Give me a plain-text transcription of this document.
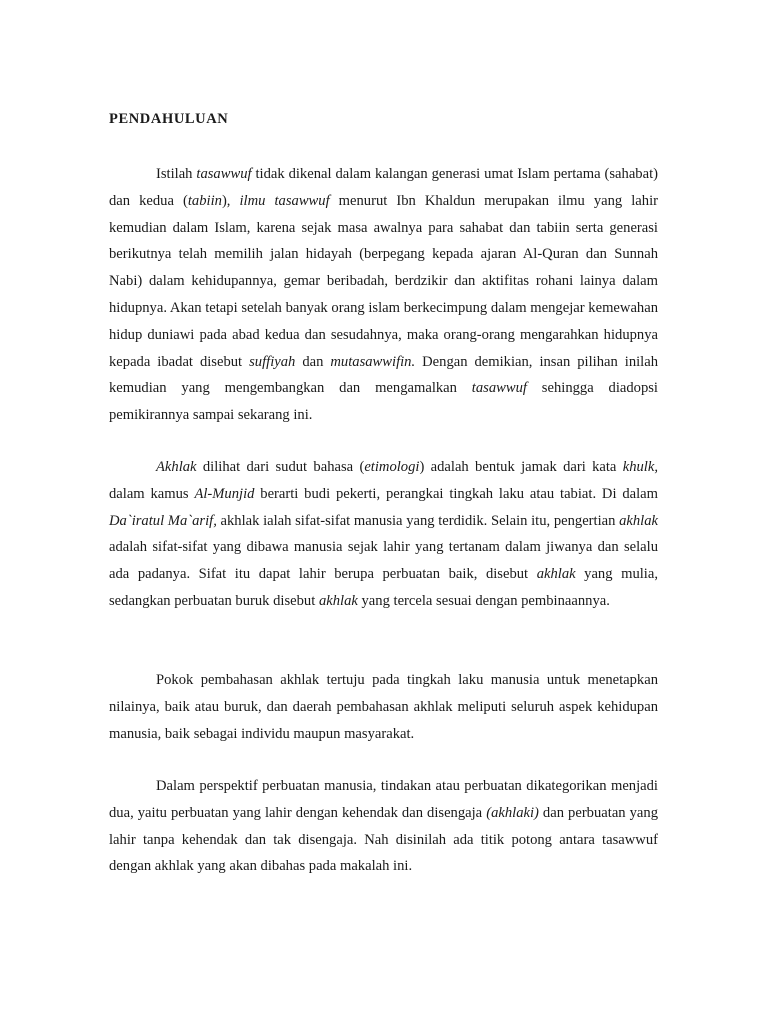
PENDAHULUAN

Istilah tasawwuf tidak dikenal dalam kalangan generasi umat Islam pertama (sahabat) dan kedua (tabiin), ilmu tasawwuf menurut Ibn Khaldun merupakan ilmu yang lahir kemudian dalam Islam, karena sejak masa awalnya para sahabat dan tabiin serta generasi berikutnya telah memilih jalan hidayah (berpegang kepada ajaran Al-Quran dan Sunnah Nabi) dalam kehidupannya, gemar beribadah, berdzikir dan aktifitas rohani lainya dalam hidupnya. Akan tetapi setelah banyak orang islam berkecimpung dalam mengejar kemewahan hidup duniawi pada abad kedua dan sesudahnya, maka orang-orang mengarahkan hidupnya kepada ibadat disebut suffiyah dan mutasawwifin. Dengan demikian, insan pilihan inilah kemudian yang mengembangkan dan mengamalkan tasawwuf sehingga diadopsi pemikirannya sampai sekarang ini.

Akhlak dilihat dari sudut bahasa (etimologi) adalah bentuk jamak dari kata khulk, dalam kamus Al-Munjid berarti budi pekerti, perangkai tingkah laku atau tabiat. Di dalam Da`iratul Ma`arif, akhlak ialah sifat-sifat manusia yang terdidik. Selain itu, pengertian akhlak adalah sifat-sifat yang dibawa manusia sejak lahir yang tertanam dalam jiwanya dan selalu ada padanya. Sifat itu dapat lahir berupa perbuatan baik, disebut akhlak yang mulia, sedangkan perbuatan buruk disebut akhlak yang tercela sesuai dengan pembinaannya.

Pokok pembahasan akhlak tertuju pada tingkah laku manusia untuk menetapkan nilainya, baik atau buruk, dan daerah pembahasan akhlak meliputi seluruh aspek kehidupan manusia, baik sebagai individu maupun masyarakat.

Dalam perspektif perbuatan manusia, tindakan atau perbuatan dikategorikan menjadi dua, yaitu perbuatan yang lahir dengan kehendak dan disengaja (akhlaki) dan perbuatan yang lahir tanpa kehendak dan tak disengaja. Nah disinilah ada titik potong antara tasawwuf dengan akhlak yang akan dibahas pada makalah ini.
